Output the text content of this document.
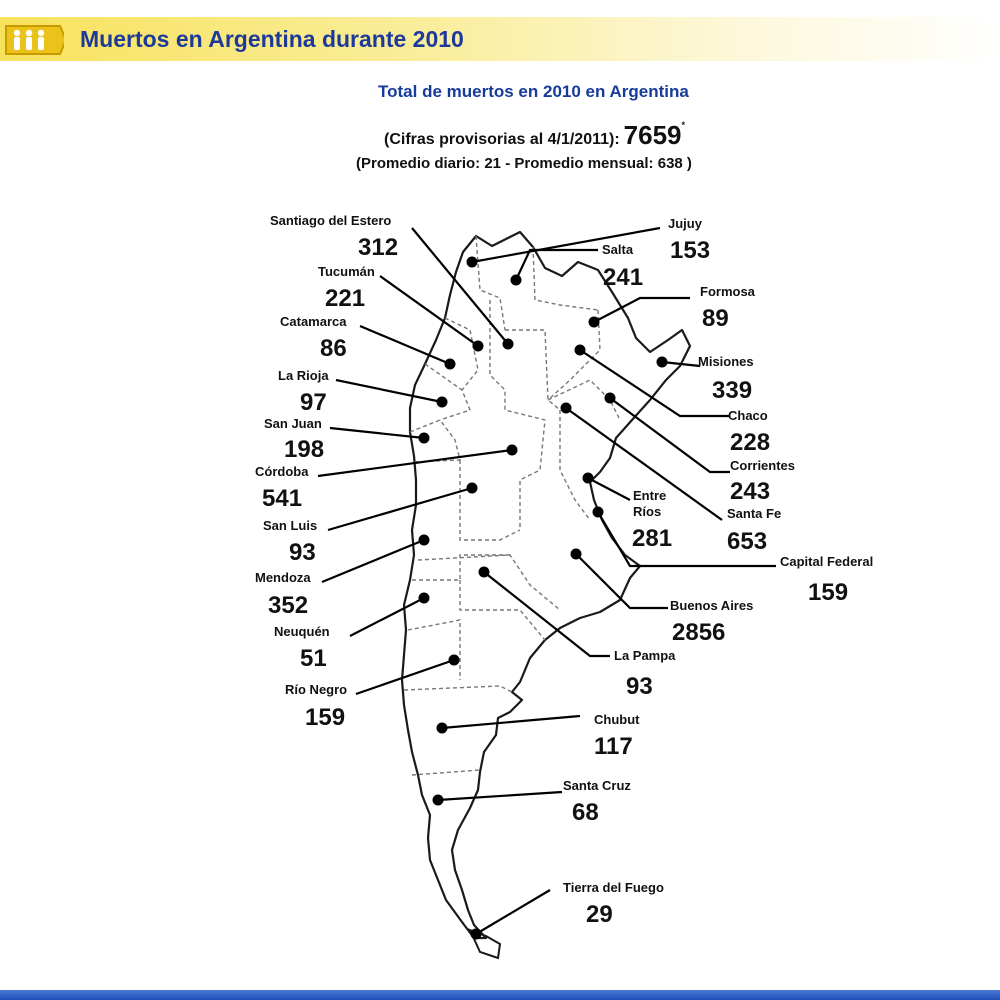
Muertos en Argentina durante 2010
Total de muertos en 2010 en Argentina
(Cifras provisorias al 4/1/2011): 7659*
(Promedio diario: 21 - Promedio mensual: 638 )
Santiago del Estero
312
Jujuy
153
Salta
241
Tucumán
221	Formosa
89
Catamarca
86	Misiones
339
La Rioja
97	Chaco
228
San Juan
198
Corrientes
243
Córdoba
541	Entre
Ríos
281
Santa Fe
653
San Luis
93	Capital Federal
159
Mendoza
352	Buenos Aires
2856
Neuquén
51	La Pampa
93
Río Negro
159	Chubut
117
Santa Cruz
68
Tierra del Fuego
29
